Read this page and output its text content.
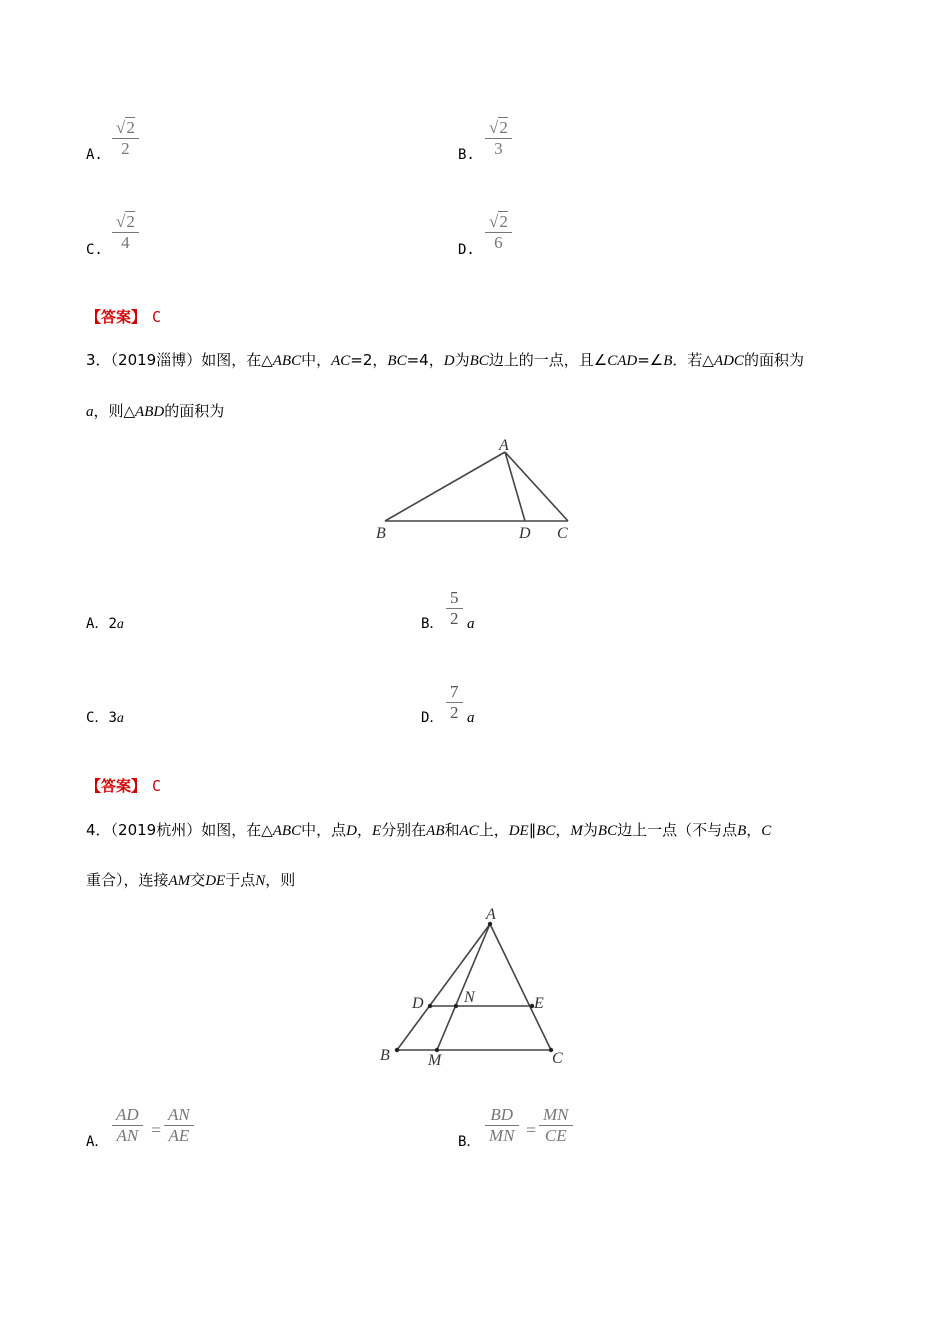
A.
√2
2	B.
√2
3
C.
√2
4	D.
√2
6
【答案】 C
3．（2019淄博）如图，在△ABC中，AC=2，BC=4，D为BC边上的一点，且∠CAD=∠B．若△ADC的面积为
a，则△ABD的面积为
A
B	D C
A．2a	B．
5
2 a
C．3a	D．
7
2 a
【答案】 C
4．（2019杭州）如图，在△ABC中，点D，E分别在AB和AC上，DE∥BC，M为BC边上一点（不与点B，C
重合），连接AM交DE于点N，则
A
B	C
D	E
M
N
A．
AD
AN =
AN
AE	B．
BD
MN =
MN
CE
